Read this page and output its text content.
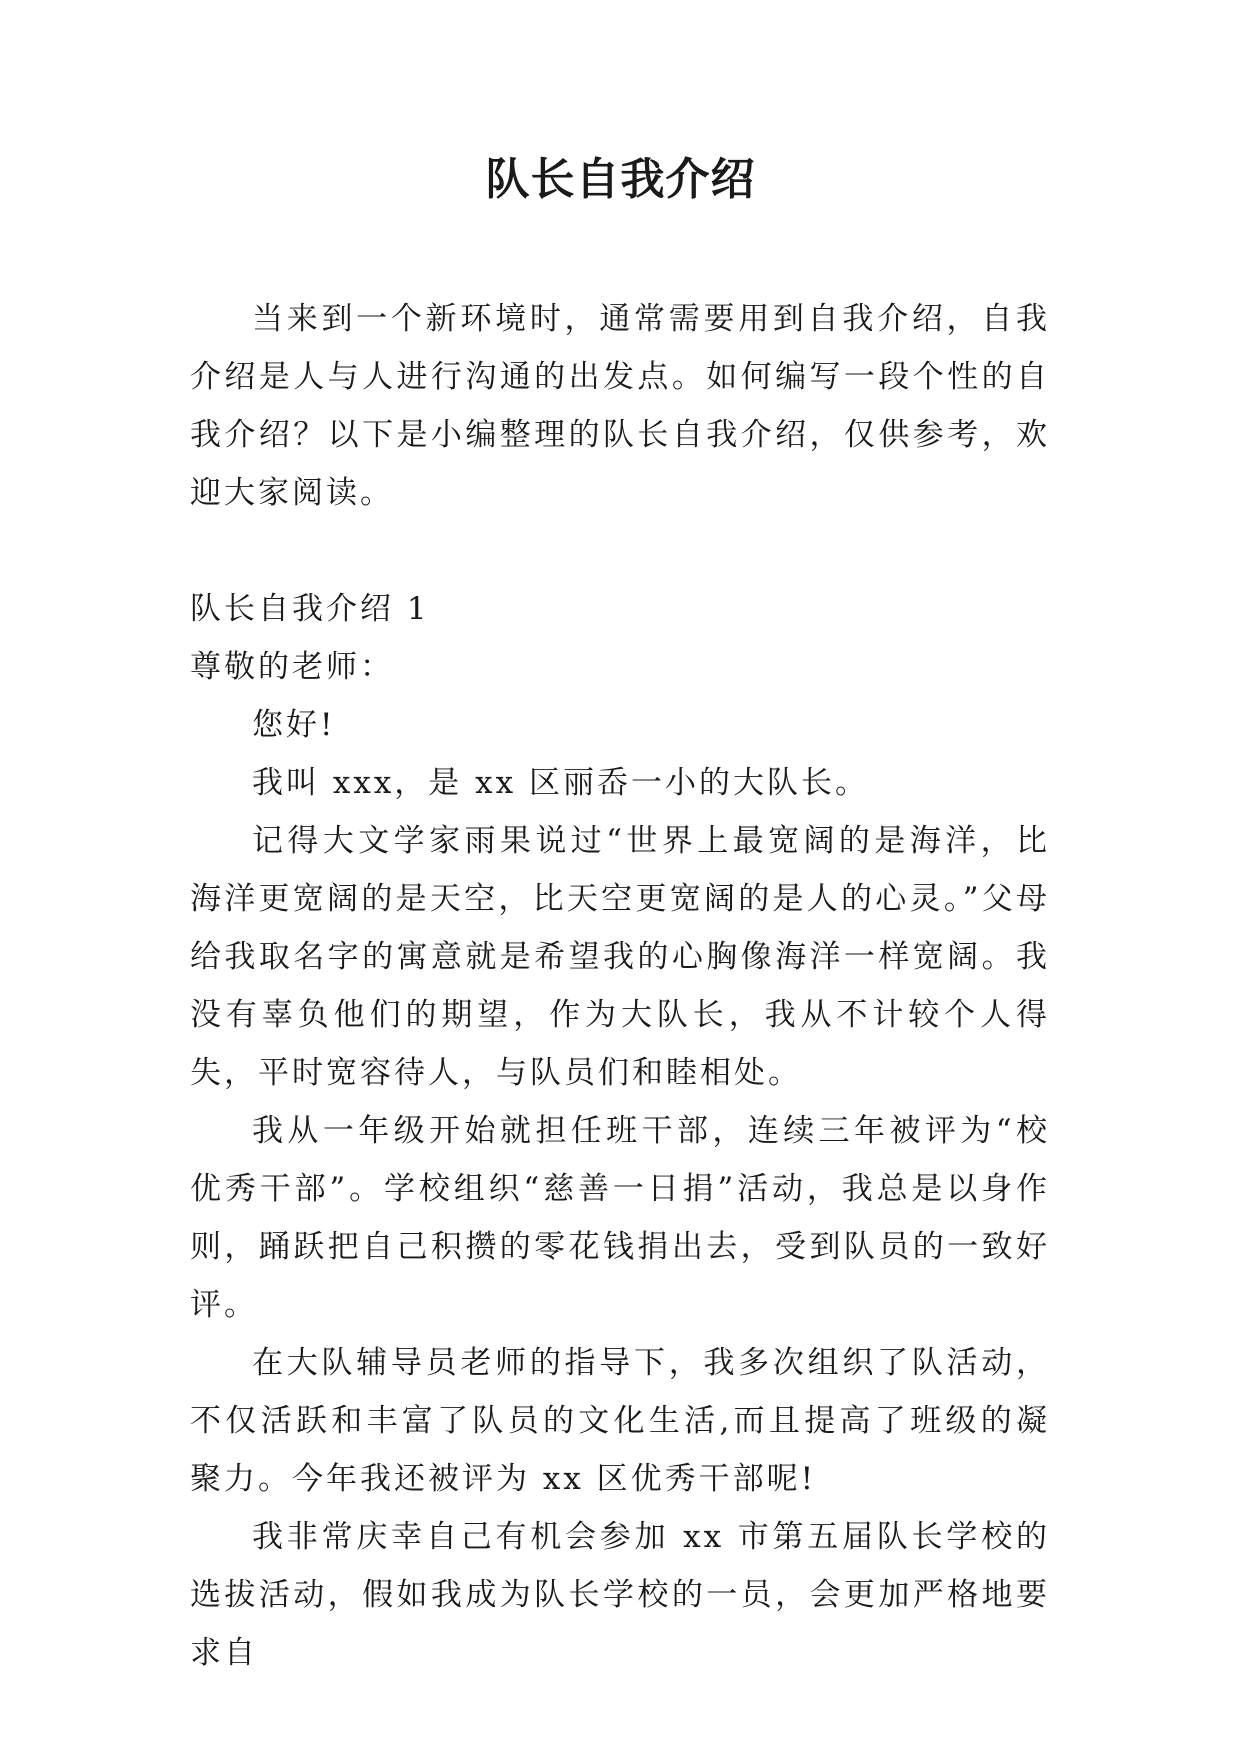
队长自我介绍

当来到一个新环境时，通常需要用到自我介绍，自我介绍是人与人进行沟通的出发点。如何编写一段个性的自我介绍？以下是小编整理的队长自我介绍，仅供参考，欢迎大家阅读。

队长自我介绍 1

尊敬的老师：

您好!

我叫 xxx，是 xx 区丽岙一小的大队长。

记得大文学家雨果说过“世界上最宽阔的是海洋，比海洋更宽阔的是天空，比天空更宽阔的是人的心灵。”父母给我取名字的寓意就是希望我的心胸像海洋一样宽阔。我没有辜负他们的期望，作为大队长，我从不计较个人得失，平时宽容待人，与队员们和睦相处。

我从一年级开始就担任班干部，连续三年被评为“校优秀干部”。学校组织“慈善一日捐”活动，我总是以身作则，踊跃把自己积攒的零花钱捐出去，受到队员的一致好评。

在大队辅导员老师的指导下，我多次组织了队活动，不仅活跃和丰富了队员的文化生活,而且提高了班级的凝聚力。今年我还被评为 xx 区优秀干部呢!

我非常庆幸自己有机会参加 xx 市第五届队长学校的选拔活动，假如我成为队长学校的一员，会更加严格地要求自
